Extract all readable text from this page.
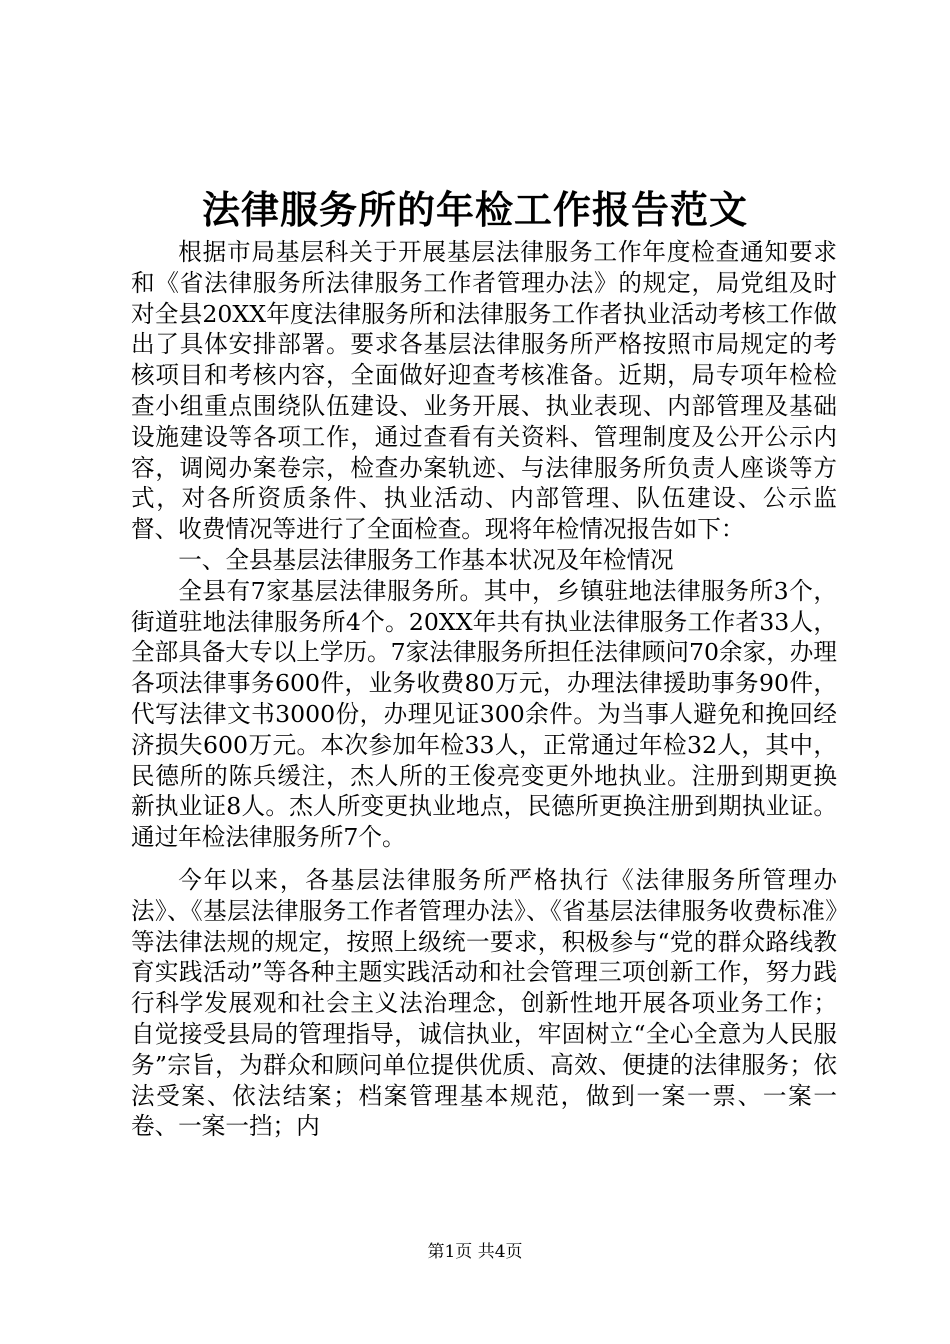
法律服务所的年检工作报告范文

根据市局基层科关于开展基层法律服务工作年度检查通知要求和《省法律服务所法律服务工作者管理办法》的规定，局党组及时对全县20XX年度法律服务所和法律服务工作者执业活动考核工作做出了具体安排部署。要求各基层法律服务所严格按照市局规定的考核项目和考核内容，全面做好迎查考核准备。近期，局专项年检检查小组重点围绕队伍建设、业务开展、执业表现、内部管理及基础设施建设等各项工作，通过查看有关资料、管理制度及公开公示内容，调阅办案卷宗，检查办案轨迹、与法律服务所负责人座谈等方式，对各所资质条件、执业活动、内部管理、队伍建设、公示监督、收费情况等进行了全面检查。现将年检情况报告如下：

一、全县基层法律服务工作基本状况及年检情况

全县有7家基层法律服务所。其中，乡镇驻地法律服务所3个，街道驻地法律服务所4个。20XX年共有执业法律服务工作者33人，全部具备大专以上学历。7家法律服务所担任法律顾问70余家，办理各项法律事务600件，业务收费80万元，办理法律援助事务90件，代写法律文书3000份，办理见证300余件。为当事人避免和挽回经济损失600万元。本次参加年检33人，正常通过年检32人，其中，民德所的陈兵缓注，杰人所的王俊亮变更外地执业。注册到期更换新执业证8人。杰人所变更执业地点，民德所更换注册到期执业证。通过年检法律服务所7个。

今年以来，各基层法律服务所严格执行《法律服务所管理办法》、《基层法律服务工作者管理办法》、《省基层法律服务收费标准》等法律法规的规定，按照上级统一要求，积极参与“党的群众路线教育实践活动”等各种主题实践活动和社会管理三项创新工作，努力践行科学发展观和社会主义法治理念，创新性地开展各项业务工作；自觉接受县局的管理指导，诚信执业，牢固树立“全心全意为人民服务”宗旨，为群众和顾问单位提供优质、高效、便捷的法律服务；依法受案、依法结案；档案管理基本规范，做到一案一票、一案一卷、一案一挡；内

第1页 共4页
